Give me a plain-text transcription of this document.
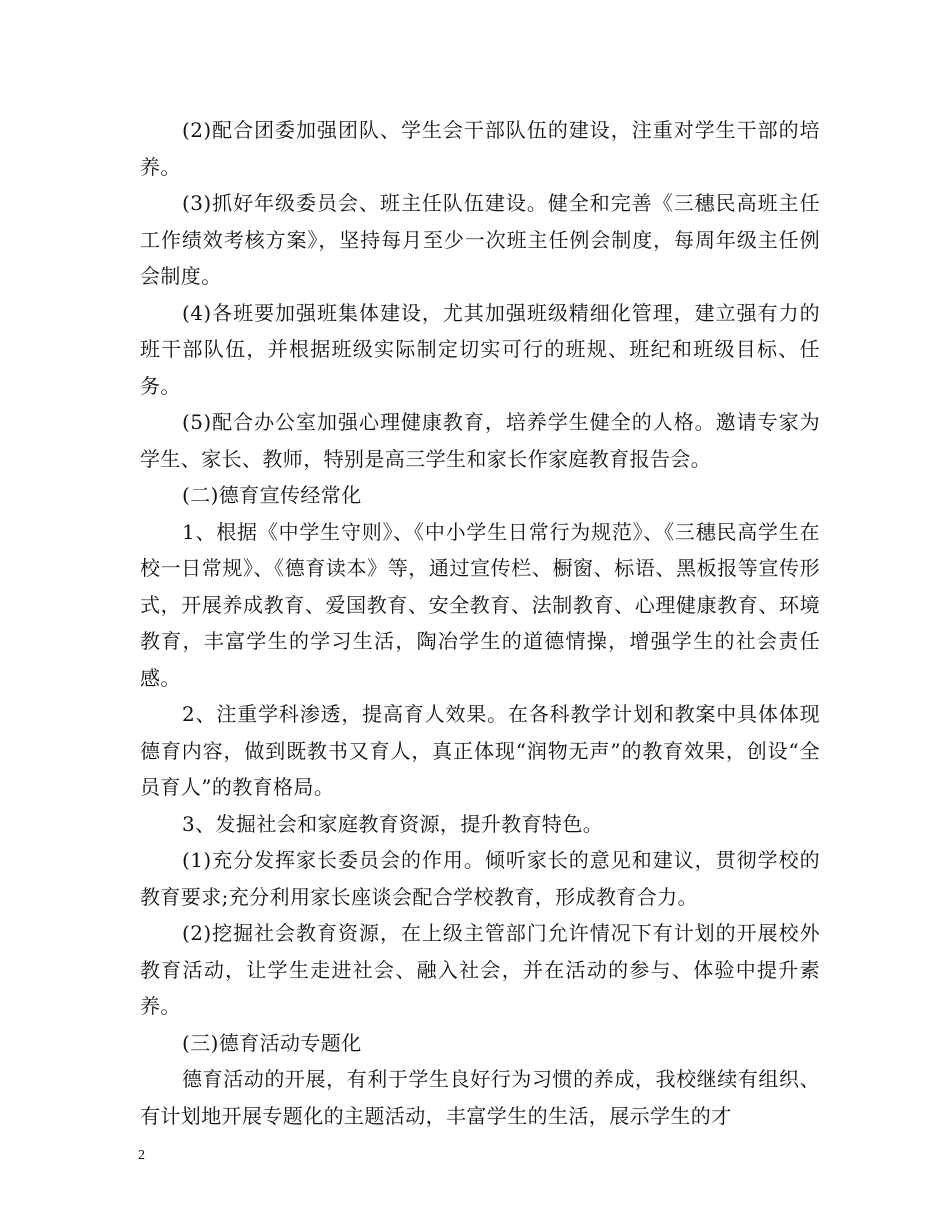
(2)配合团委加强团队、学生会干部队伍的建设，注重对学生干部的培养。

(3)抓好年级委员会、班主任队伍建设。健全和完善《三穗民高班主任工作绩效考核方案》，坚持每月至少一次班主任例会制度，每周年级主任例会制度。

(4)各班要加强班集体建设，尤其加强班级精细化管理，建立强有力的班干部队伍，并根据班级实际制定切实可行的班规、班纪和班级目标、任务。

(5)配合办公室加强心理健康教育，培养学生健全的人格。邀请专家为学生、家长、教师，特别是高三学生和家长作家庭教育报告会。

(二)德育宣传经常化

1、根据《中学生守则》、《中小学生日常行为规范》、《三穗民高学生在校一日常规》、《德育读本》等，通过宣传栏、橱窗、标语、黑板报等宣传形式，开展养成教育、爱国教育、安全教育、法制教育、心理健康教育、环境教育，丰富学生的学习生活，陶冶学生的道德情操，增强学生的社会责任感。

2、注重学科渗透，提高育人效果。在各科教学计划和教案中具体体现德育内容，做到既教书又育人，真正体现“润物无声”的教育效果，创设“全员育人”的教育格局。

3、发掘社会和家庭教育资源，提升教育特色。

(1)充分发挥家长委员会的作用。倾听家长的意见和建议，贯彻学校的教育要求;充分利用家长座谈会配合学校教育，形成教育合力。

(2)挖掘社会教育资源，在上级主管部门允许情况下有计划的开展校外教育活动，让学生走进社会、融入社会，并在活动的参与、体验中提升素养。

(三)德育活动专题化

德育活动的开展，有利于学生良好行为习惯的养成，我校继续有组织、有计划地开展专题化的主题活动，丰富学生的生活，展示学生的才

2
